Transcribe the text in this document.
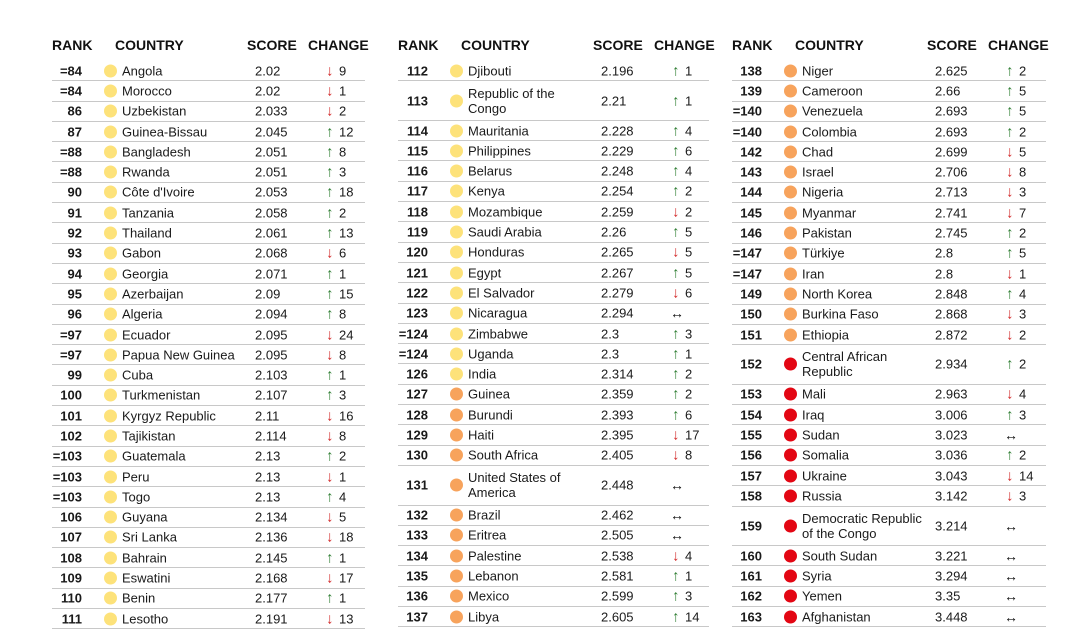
RANK COUNTRY	SCORE CHANGE
=84	Angola	2.02	↓ 9
=84	Morocco	2.02	↓ 1
86	Uzbekistan	2.033	↓ 2
87	Guinea-Bissau	2.045	↑ 12
=88	Bangladesh	2.051	↑ 8
=88	Rwanda	2.051	↑ 3
90	Côte d'Ivoire	2.053	↑ 18
91	Tanzania	2.058	↑ 2
92	Thailand	2.061	↑ 13
93	Gabon	2.068	↓ 6
94	Georgia	2.071	↑ 1
95	Azerbaijan	2.09	↑ 15
96	Algeria	2.094	↑ 8
=97	Ecuador	2.095	↓ 24
=97	Papua New Guinea	2.095	↓ 8
99	Cuba	2.103	↑ 1
100	Turkmenistan	2.107	↑ 3
101	Kyrgyz Republic	2.11	↓ 16
102	Tajikistan	2.114	↓ 8
=103	Guatemala	2.13	↑ 2
=103	Peru	2.13	↓ 1
=103	Togo	2.13	↑ 4
106	Guyana	2.134	↓ 5
107	Sri Lanka	2.136	↓ 18
108	Bahrain	2.145	↑ 1
109	Eswatini	2.168	↓ 17
110	Benin	2.177	↑ 1
111	Lesotho	2.191	↓ 13
RANK COUNTRY	SCORE CHANGE
112	Djibouti	2.196	↑ 1
113	Republic of the Congo	2.21	↑ 1
114	Mauritania	2.228	↑ 4
115	Philippines	2.229	↑ 6
116	Belarus	2.248	↑ 4
117	Kenya	2.254	↑ 2
118	Mozambique	2.259	↓ 2
119	Saudi Arabia	2.26	↑ 5
120	Honduras	2.265	↓ 5
121	Egypt	2.267	↑ 5
122	El Salvador	2.279	↓ 6
123	Nicaragua	2.294	↔
=124	Zimbabwe	2.3	↑ 3
=124	Uganda	2.3	↑ 1
126	India	2.314	↑ 2
127	Guinea	2.359	↑ 2
128	Burundi	2.393	↑ 6
129	Haiti	2.395	↓ 17
130	South Africa	2.405	↓ 8
131	United States of America	2.448	↔
132	Brazil	2.462	↔
133	Eritrea	2.505	↔
134	Palestine	2.538	↓ 4
135	Lebanon	2.581	↑ 1
136	Mexico	2.599	↑ 3
137	Libya	2.605	↑ 14
RANK COUNTRY	SCORE CHANGE
138	Niger	2.625	↑ 2
139	Cameroon	2.66	↑ 5
=140	Venezuela	2.693	↑ 5
=140	Colombia	2.693	↑ 2
142	Chad	2.699	↓ 5
143	Israel	2.706	↓ 8
144	Nigeria	2.713	↓ 3
145	Myanmar	2.741	↓ 7
146	Pakistan	2.745	↑ 2
=147	Türkiye	2.8	↑ 5
=147	Iran	2.8	↓ 1
149	North Korea	2.848	↑ 4
150	Burkina Faso	2.868	↓ 3
151	Ethiopia	2.872	↓ 2
152	Central African Republic	2.934	↑ 2
153	Mali	2.963	↓ 4
154	Iraq	3.006	↑ 3
155	Sudan	3.023	↔
156	Somalia	3.036	↑ 2
157	Ukraine	3.043	↓ 14
158	Russia	3.142	↓ 3
159	Democratic Republic of the Congo	3.214	↔
160	South Sudan	3.221	↔
161	Syria	3.294	↔
162	Yemen	3.35	↔
163	Afghanistan	3.448	↔
